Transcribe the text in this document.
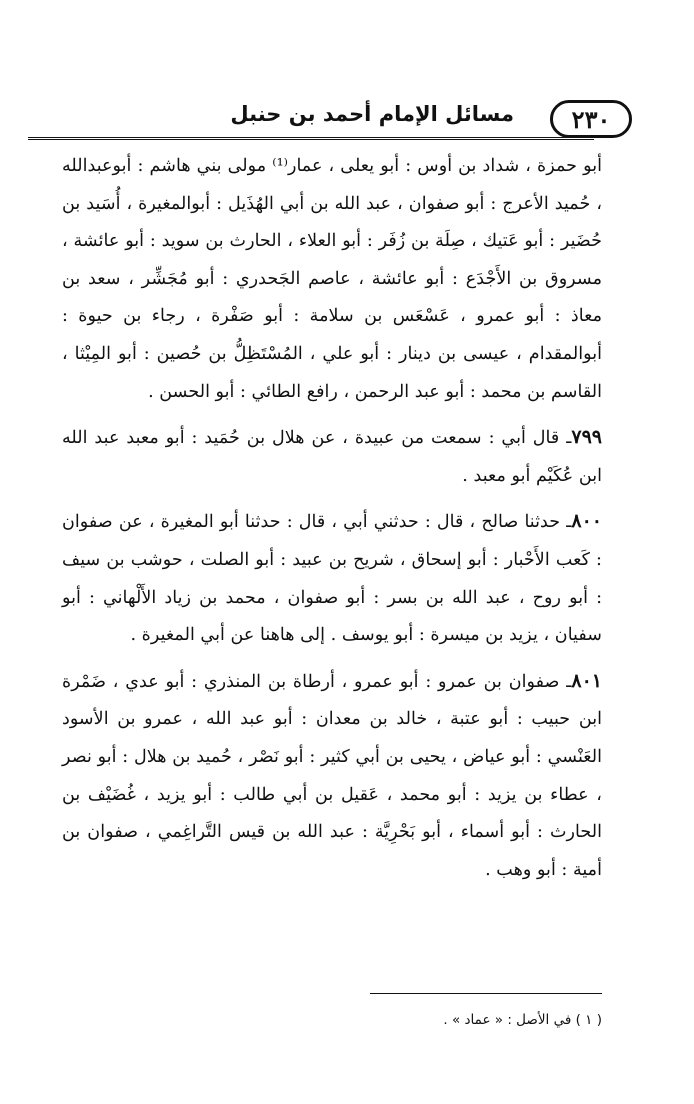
٢٣٠
مسائل الإمام أحمد بن حنبل

أبو حمزة ، شداد بن أوس : أبو يعلى ، عمار⁽¹⁾ مولى بني هاشم : أبوعبدالله ، حُميد الأعرج : أبو صفوان ، عبد الله بن أبي الهُذَيل : أبوالمغيرة ، أُسَيد بن حُضَير : أبو عَتيك ، صِلَة بن زُفَر : أبو العلاء ، الحارث بن سويد : أبو عائشة ، مسروق بن الأَجْدَع : أبو عائشة ، عاصم الجَحدري : أبو مُجَشِّر ، سعد بن معاذ : أبو عمرو ، عَسْعَس بن سلامة : أبو صَفْرة ، رجاء بن حيوة : أبوالمقدام ، عيسى بن دينار : أبو علي ، المُسْتَظِلُّ بن حُصين : أبو المِيْثا ، القاسم بن محمد : أبو عبد الرحمن ، رافع الطائي : أبو الحسن .

٧٩٩ـ قال أبي : سمعت من عبيدة ، عن هلال بن حُمَيد : أبو معبد عبد الله ابن عُكَيْم أبو معبد .

٨٠٠ـ حدثنا صالح ، قال : حدثني أبي ، قال : حدثنا أبو المغيرة ، عن صفوان : كَعب الأَحْبار : أبو إسحاق ، شريح بن عبيد : أبو الصلت ، حوشب بن سيف : أبو روح ، عبد الله بن بسر : أبو صفوان ، محمد بن زياد الأَلْهاني : أبو سفيان ، يزيد بن ميسرة : أبو يوسف . إلى هاهنا عن أبي المغيرة .

٨٠١ـ صفوان بن عمرو : أبو عمرو ، أرطاة بن المنذري : أبو عدي ، ضَمْرة ابن حبيب : أبو عتبة ، خالد بن معدان : أبو عبد الله ، عمرو بن الأسود العَنْسي : أبو عياض ، يحيى بن أبي كثير : أبو نَصْر ، حُميد بن هلال : أبو نصر ، عطاء بن يزيد : أبو محمد ، عَقيل بن أبي طالب : أبو يزيد ، غُضَيْف بن الحارث : أبو أسماء ، أبو بَحْرِيَّة : عبد الله بن قيس التَّراغِمي ، صفوان بن أمية : أبو وهب .

( ١ ) في الأصل : « عماد » .
